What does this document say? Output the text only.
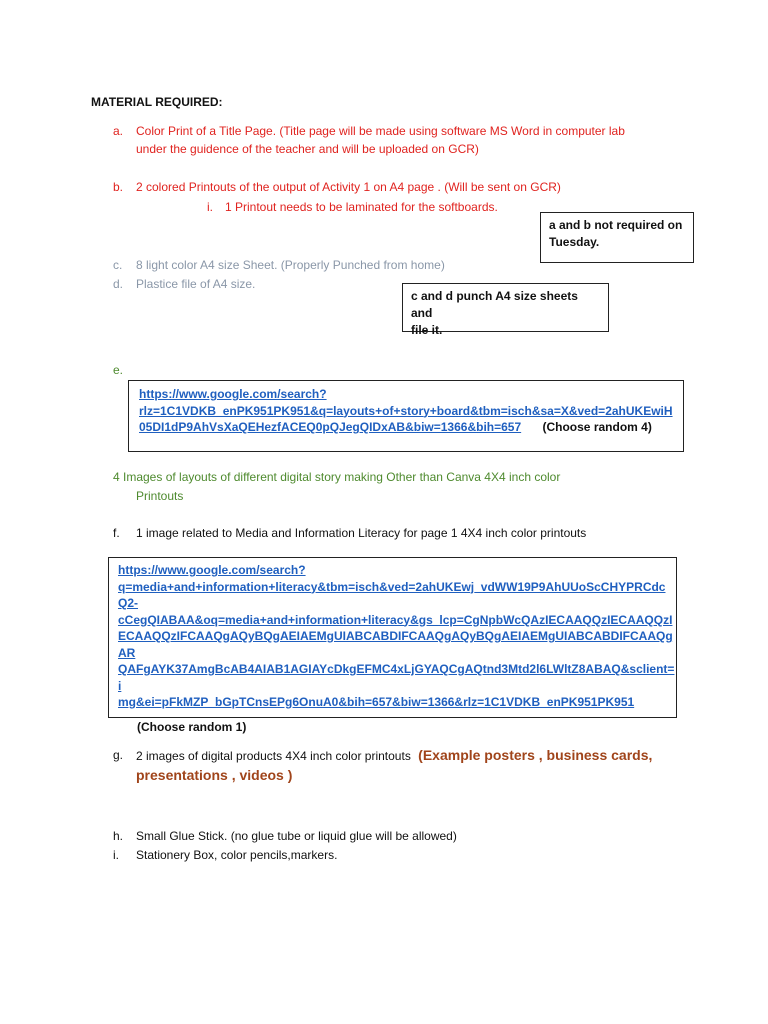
MATERIAL REQUIRED:
a.	Color Print of a Title Page. (Title page will be made using software MS Word in computer lab
under the guidence of the teacher and will be uploaded on GCR)
b. 2 colored Printouts of the output of Activity 1 on A4 page . (Will be sent on GCR)
i. 1 Printout needs to be laminated for the softboards.
a and b not required on
Tuesday.
c. 8 light color A4 size Sheet. (Properly Punched from home)
d. Plastice file of A4 size.
c and d punch A4 size sheets and
file it.
e.
https://www.google.com/search?
rlz=1C1VDKB_enPK951PK951&q=layouts+of+story+board&tbm=isch&sa=X&ved=2ahUKEwiH
05DI1dP9AhVsXaQEHezfACEQ0pQJegQIDxAB&biw=1366&bih=657 (Choose random 4)
4 Images of layouts of different digital story making Other than Canva 4X4 inch color
Printouts
f. 1 image related to Media and Information Literacy for page 1 4X4 inch color printouts
https://www.google.com/search?
q=media+and+information+literacy&tbm=isch&ved=2ahUKEwj_vdWW19P9AhUUoScCHYPRCdc
Q2-
cCegQIABAA&oq=media+and+information+literacy&gs_lcp=CgNpbWcQAzIECAAQQzIECAAQQzI
ECAAQQzIFCAAQgAQyBQgAEIAEMgUIABCABDIFCAAQgAQyBQgAEIAEMgUIABCABDIFCAAQgAR
QAFgAYK37AmgBcAB4AIAB1AGIAYcDkgEFMC4xLjGYAQCgAQtnd3Mtd2l6LWltZ8ABAQ&sclient=i
mg&ei=pFkMZP_bGpTCnsEPg6OnuA0&bih=657&biw=1366&rlz=1C1VDKB_enPK951PK951
(Choose random 1)
g. 2 images of digital products 4X4 inch color printouts (Example posters , business cards,
presentations , videos )
h. Small Glue Stick. (no glue tube or liquid glue will be allowed)
i. Stationery Box, color pencils,markers.
